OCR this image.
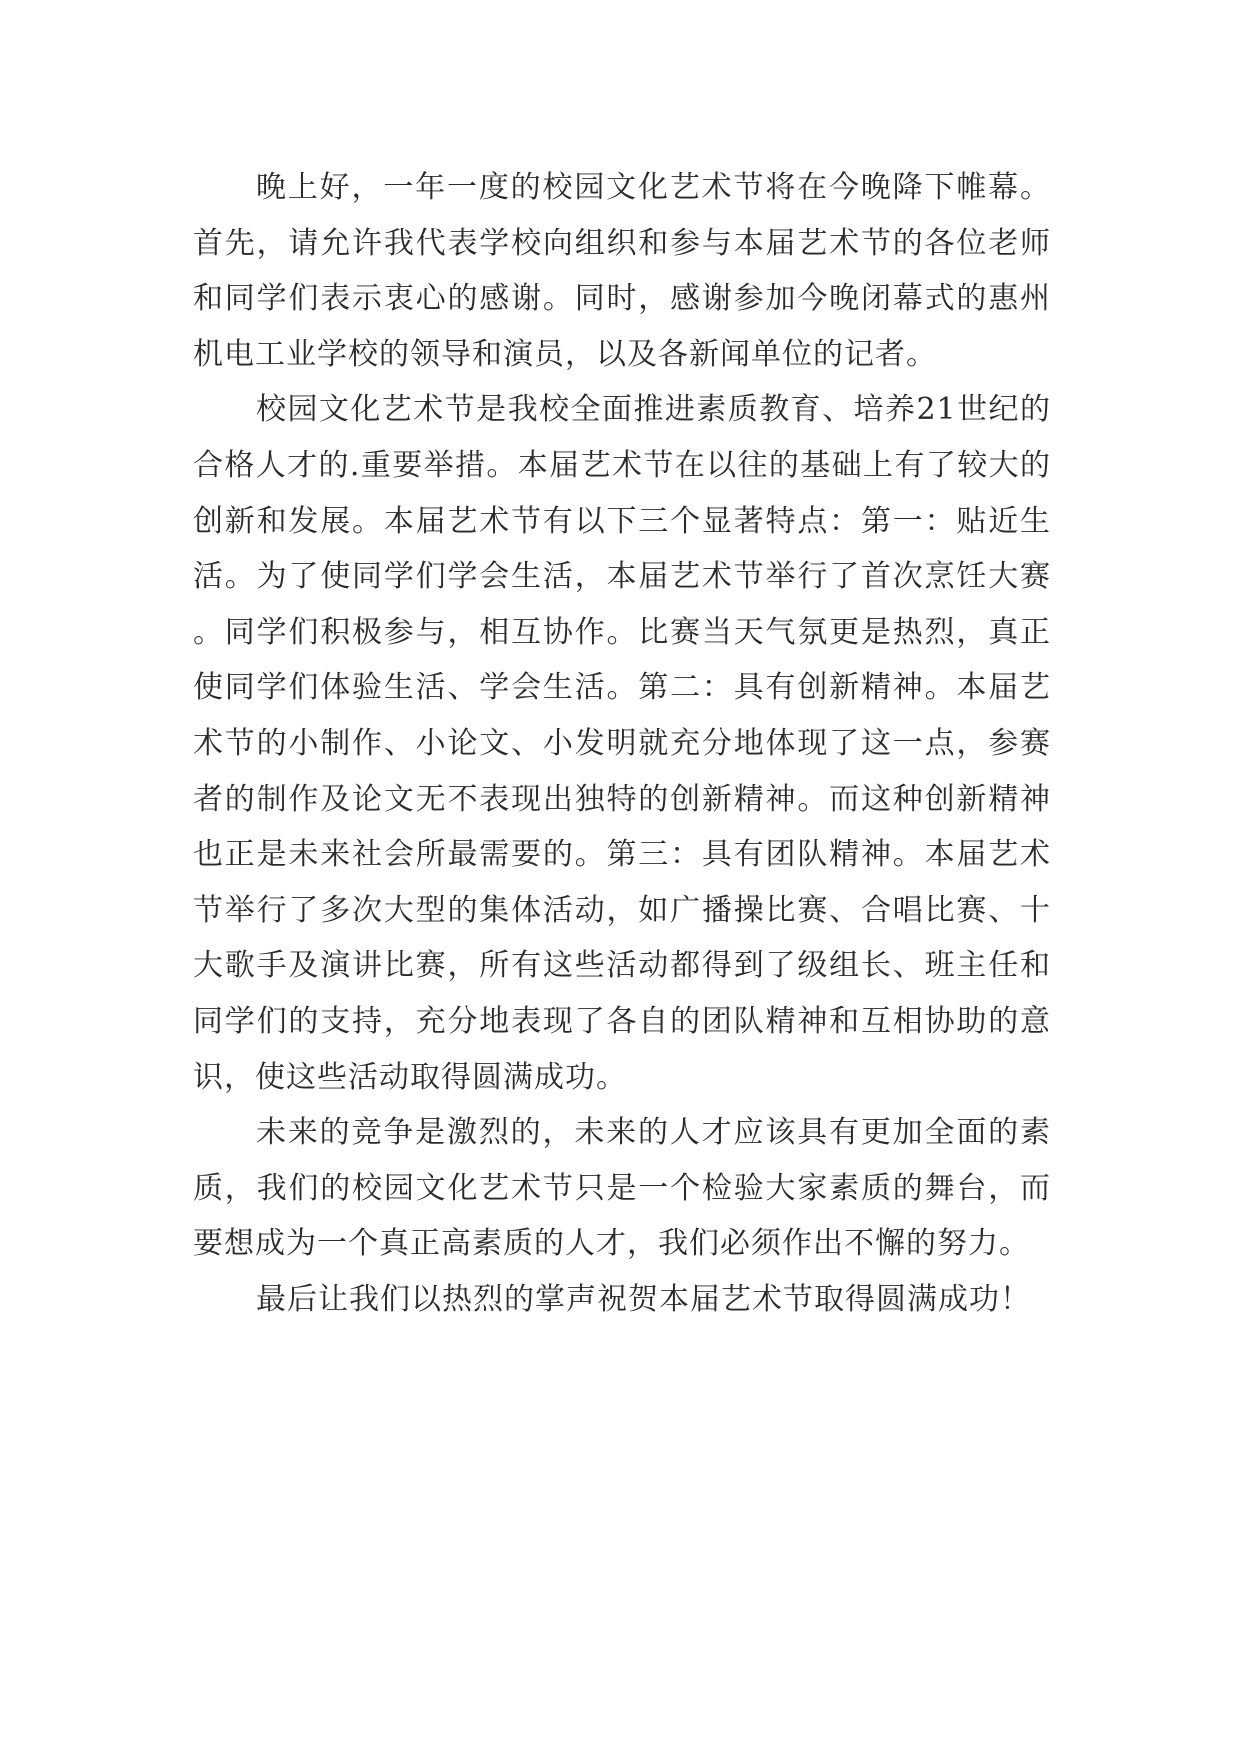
晚上好，一年一度的校园文化艺术节将在今晚降下帷幕。首先，请允许我代表学校向组织和参与本届艺术节的各位老师和同学们表示衷心的感谢。同时，感谢参加今晚闭幕式的惠州机电工业学校的领导和演员，以及各新闻单位的记者。

校园文化艺术节是我校全面推进素质教育、培养21世纪的合格人才的.重要举措。本届艺术节在以往的基础上有了较大的创新和发展。本届艺术节有以下三个显著特点：第一：贴近生活。为了使同学们学会生活，本届艺术节举行了首次烹饪大赛。同学们积极参与，相互协作。比赛当天气氛更是热烈，真正使同学们体验生活、学会生活。第二：具有创新精神。本届艺术节的小制作、小论文、小发明就充分地体现了这一点，参赛者的制作及论文无不表现出独特的创新精神。而这种创新精神也正是未来社会所最需要的。第三：具有团队精神。本届艺术节举行了多次大型的集体活动，如广播操比赛、合唱比赛、十大歌手及演讲比赛，所有这些活动都得到了级组长、班主任和同学们的支持，充分地表现了各自的团队精神和互相协助的意识，使这些活动取得圆满成功。

未来的竞争是激烈的，未来的人才应该具有更加全面的素质，我们的校园文化艺术节只是一个检验大家素质的舞台，而要想成为一个真正高素质的人才，我们必须作出不懈的努力。

最后让我们以热烈的掌声祝贺本届艺术节取得圆满成功！
